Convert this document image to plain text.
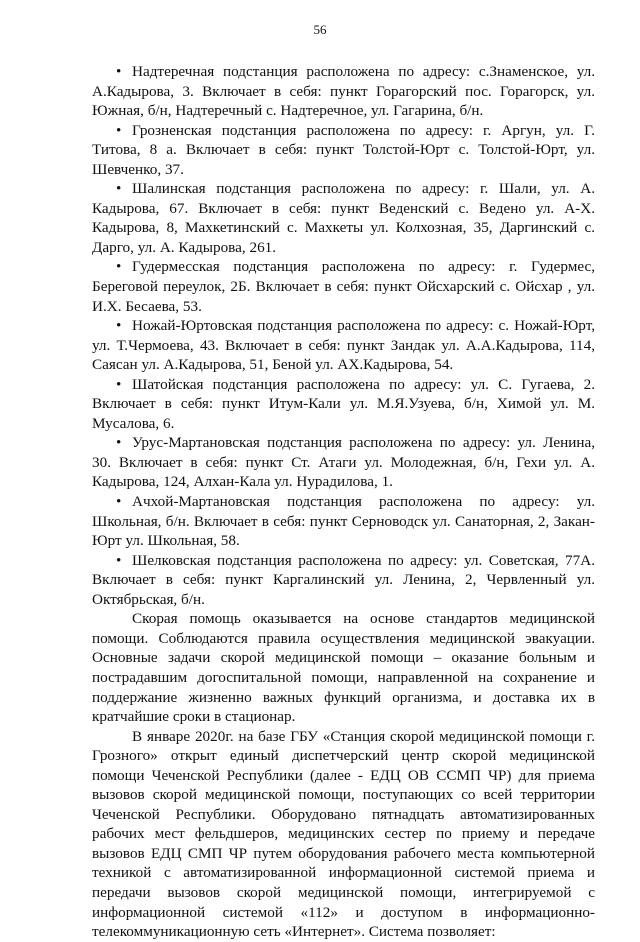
56

• Надтеречная подстанция расположена по адресу: с.Знаменское, ул. А.Кадырова, 3. Включает в себя: пункт Горагорский пос. Горагорск, ул. Южная, б/н, Надтеречный с. Надтеречное, ул. Гагарина, б/н.

• Грозненская подстанция расположена по адресу: г. Аргун, ул. Г. Титова, 8 а. Включает в себя: пункт Толстой-Юрт с. Толстой-Юрт, ул. Шевченко, 37.

• Шалинская подстанция расположена по адресу: г. Шали, ул. А. Кадырова, 67. Включает в себя: пункт Веденский с. Ведено ул. А-Х. Кадырова, 8, Махкетинский с. Махкеты ул. Колхозная, 35, Даргинский с. Дарго, ул. А. Кадырова, 261.

• Гудермесская подстанция расположена по адресу: г. Гудермес, Береговой переулок, 2Б. Включает в себя: пункт Ойсхарский с. Ойсхар , ул. И.Х. Бесаева, 53.

• Ножай-Юртовская подстанция расположена по адресу: с. Ножай-Юрт, ул. Т.Чермоева, 43. Включает в себя: пункт Зандак ул. А.А.Кадырова, 114, Саясан ул. А.Кадырова, 51, Беной ул. АХ.Кадырова, 54.

• Шатойская подстанция расположена по адресу: ул. С. Гугаева, 2. Включает в себя: пункт Итум-Кали ул. М.Я.Узуева, б/н, Химой ул. М. Мусалова, 6.

• Урус-Мартановская подстанция расположена по адресу: ул. Ленина, 30. Включает в себя: пункт Ст. Атаги ул. Молодежная, б/н, Гехи ул. А. Кадырова, 124, Алхан-Кала ул. Нурадилова, 1.

• Ачхой-Мартановская подстанция расположена по адресу: ул. Школьная, б/н. Включает в себя: пункт Серноводск ул. Санаторная, 2, Закан-Юрт ул. Школьная, 58.

• Шелковская подстанция расположена по адресу: ул. Советская, 77А. Включает в себя: пункт Каргалинский ул. Ленина, 2, Червленный ул. Октябрьская, б/н.

Скорая помощь оказывается на основе стандартов медицинской помощи. Соблюдаются правила осуществления медицинской эвакуации. Основные задачи скорой медицинской помощи – оказание больным и пострадавшим догоспитальной помощи, направленной на сохранение и поддержание жизненно важных функций организма, и доставка их в кратчайшие сроки в стационар.

В январе 2020г. на базе ГБУ «Станция скорой медицинской помощи г. Грозного» открыт единый диспетчерский центр скорой медицинской помощи Чеченской Республики (далее - ЕДЦ ОВ ССМП ЧР) для приема вызовов скорой медицинской помощи, поступающих со всей территории Чеченской Республики. Оборудовано пятнадцать автоматизированных рабочих мест фельдшеров, медицинских сестер по приему и передаче вызовов ЕДЦ СМП ЧР путем оборудования рабочего места компьютерной техникой с автоматизированной информационной системой приема и передачи вызовов скорой медицинской помощи, интегрируемой с информационной системой «112» и доступом в информационно-телекоммуникационную сеть «Интернет». Система позволяет:
